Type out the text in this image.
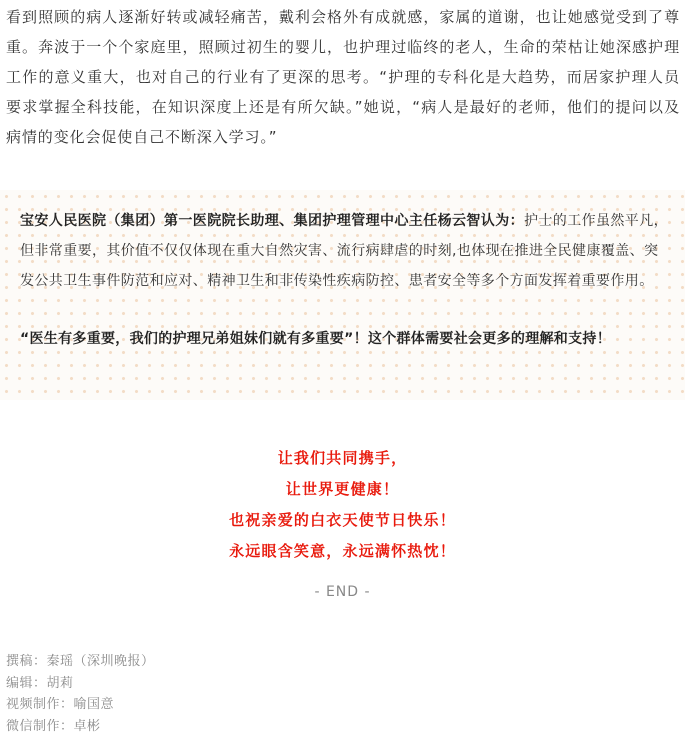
看到照顾的病人逐渐好转或减轻痛苦，戴利会格外有成就感，家属的道谢，也让她感觉受到了尊重。奔波于一个个家庭里，照顾过初生的婴儿，也护理过临终的老人，生命的荣枯让她深感护理工作的意义重大，也对自己的行业有了更深的思考。“护理的专科化是大趋势，而居家护理人员要求掌握全科技能，在知识深度上还是有所欠缺。”她说，“病人是最好的老师，他们的提问以及病情的变化会促使自己不断深入学习。”

宝安人民医院（集团）第一医院院长助理、集团护理管理中心主任杨云智认为：护士的工作虽然平凡，但非常重要，其价值不仅仅体现在重大自然灾害、流行病肆虐的时刻,也体现在推进全民健康覆盖、突发公共卫生事件防范和应对、精神卫生和非传染性疾病防控、患者安全等多个方面发挥着重要作用。

“医生有多重要，我们的护理兄弟姐妹们就有多重要”！这个群体需要社会更多的理解和支持！

让我们共同携手，

让世界更健康！

也祝亲爱的白衣天使节日快乐！

永远眼含笑意，永远满怀热忱！

- END -

撰稿：秦瑶（深圳晚报）

编辑：胡莉

视频制作：喻国意

微信制作：卓彬
